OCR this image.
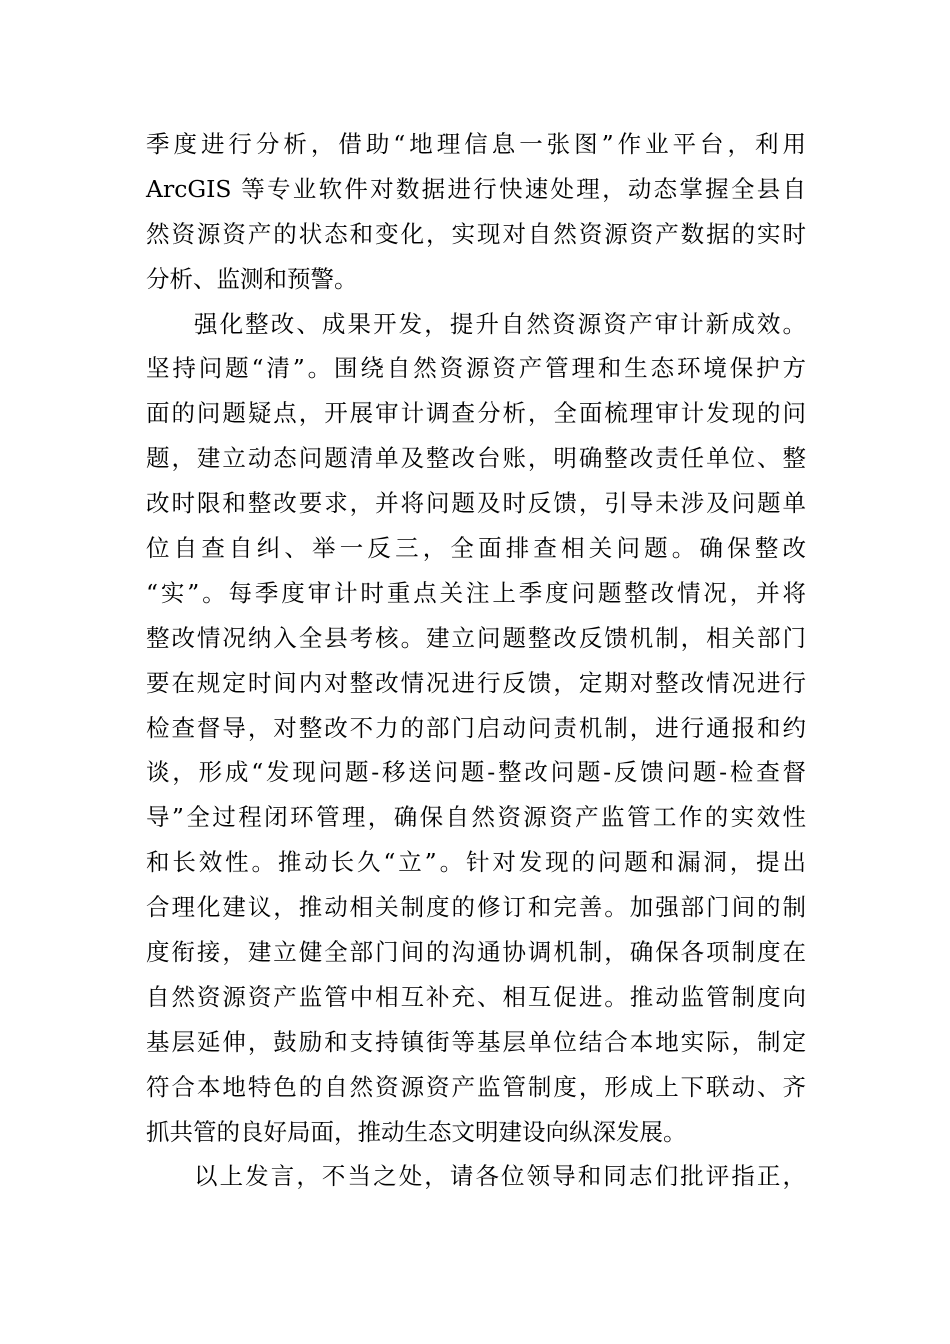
季度进行分析，借助“地理信息一张图”作业平台，利用
ArcGIS 等专业软件对数据进行快速处理，动态掌握全县自
然资源资产的状态和变化，实现对自然资源资产数据的实时
分析、监测和预警。
强化整改、成果开发，提升自然资源资产审计新成效。
坚持问题“清”。围绕自然资源资产管理和生态环境保护方
面的问题疑点，开展审计调查分析，全面梳理审计发现的问
题，建立动态问题清单及整改台账，明确整改责任单位、整
改时限和整改要求，并将问题及时反馈，引导未涉及问题单
位自查自纠、举一反三，全面排查相关问题。确保整改
“实”。每季度审计时重点关注上季度问题整改情况，并将
整改情况纳入全县考核。建立问题整改反馈机制，相关部门
要在规定时间内对整改情况进行反馈，定期对整改情况进行
检查督导，对整改不力的部门启动问责机制，进行通报和约
谈，形成“发现问题-移送问题-整改问题-反馈问题-检查督
导”全过程闭环管理，确保自然资源资产监管工作的实效性
和长效性。推动长久“立”。针对发现的问题和漏洞，提出
合理化建议，推动相关制度的修订和完善。加强部门间的制
度衔接，建立健全部门间的沟通协调机制，确保各项制度在
自然资源资产监管中相互补充、相互促进。推动监管制度向
基层延伸，鼓励和支持镇街等基层单位结合本地实际，制定
符合本地特色的自然资源资产监管制度，形成上下联动、齐
抓共管的良好局面，推动生态文明建设向纵深发展。
以上发言，不当之处，请各位领导和同志们批评指正，
